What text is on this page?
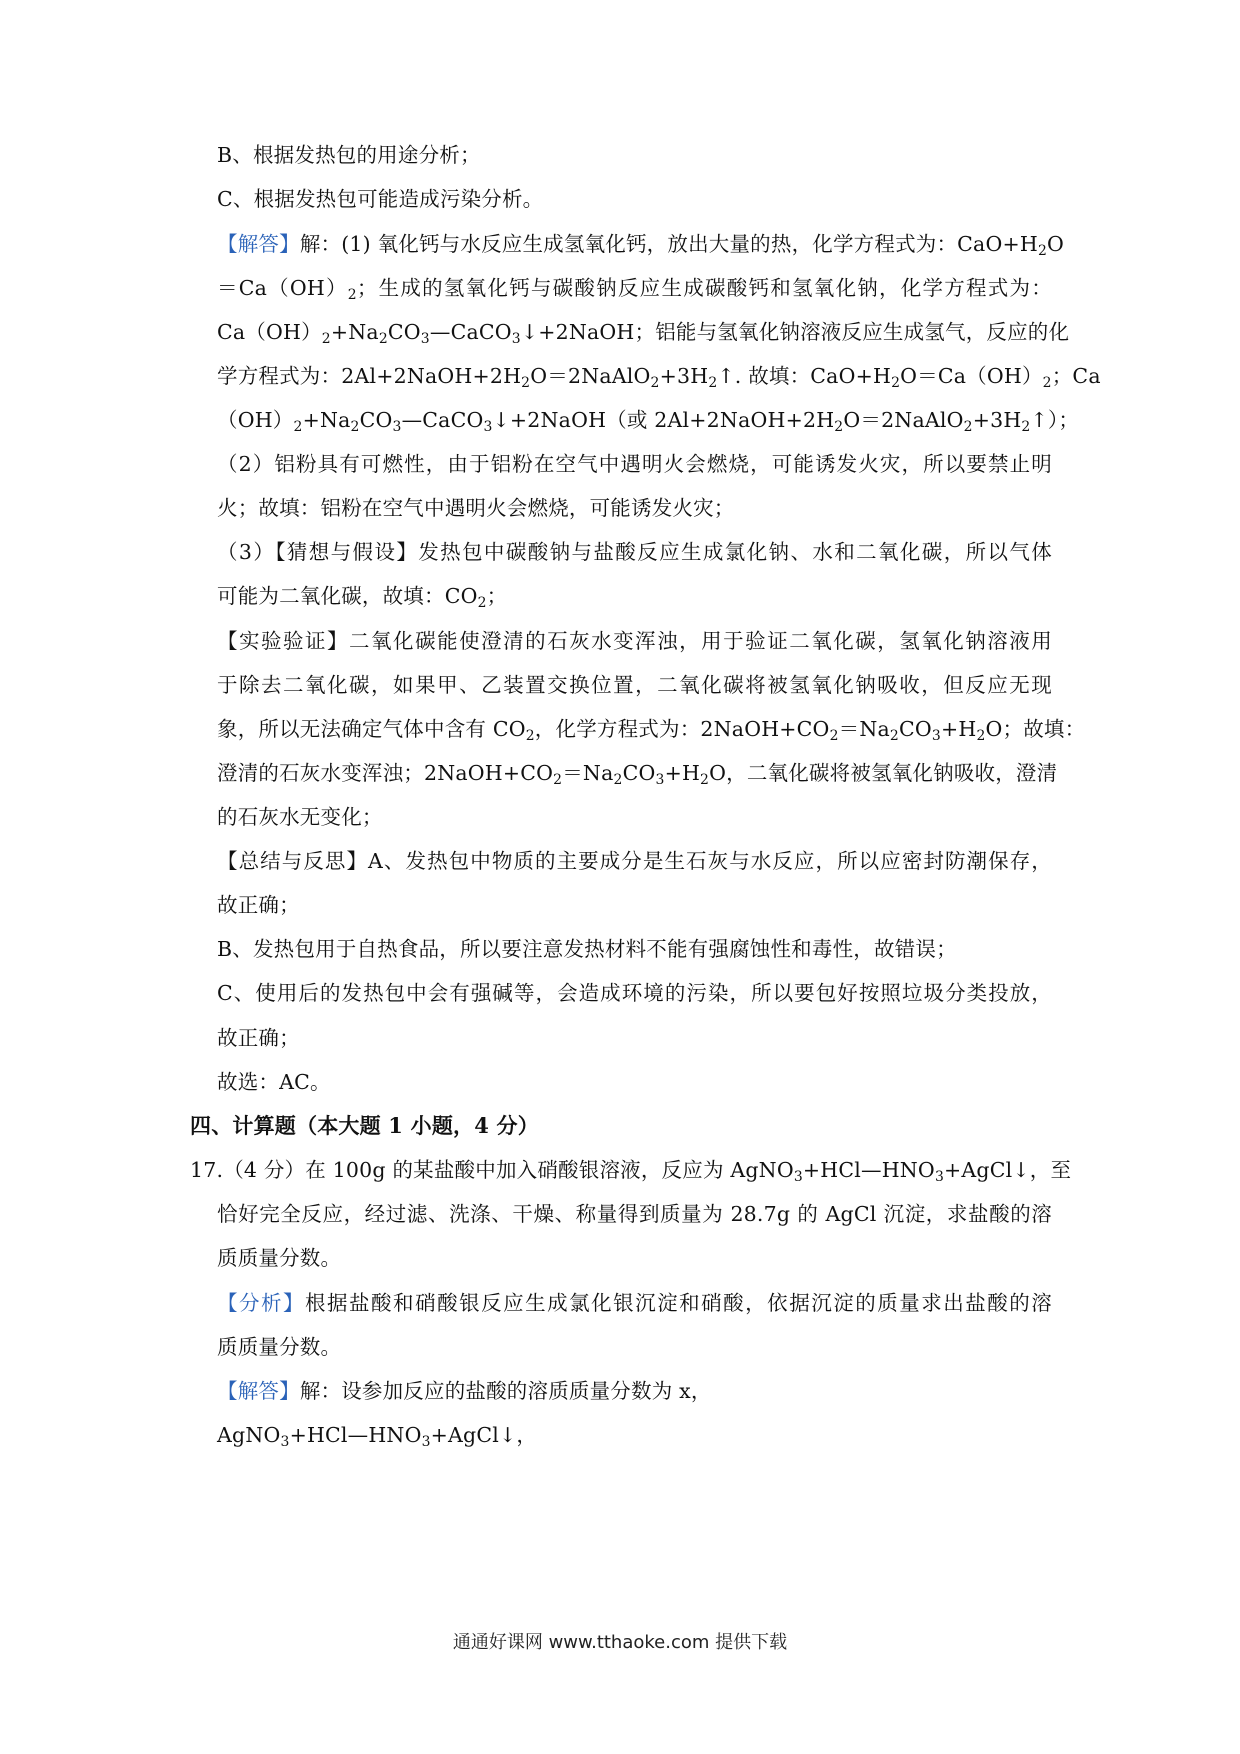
B、根据发热包的用途分析；
C、根据发热包可能造成污染分析。
【解答】解：(1) 氧化钙与水反应生成氢氧化钙，放出大量的热，化学方程式为：$CaO+H_2O$
$=Ca(OH)_2$；生成的氢氧化钙与碳酸钠反应生成碳酸钙和氢氧化钠，化学方程式为：
$Ca(OH)_2+Na_2CO_3—CaCO_3↓+2NaOH$；铝能与氢氧化钠溶液反应生成氢气，反应的化
学方程式为：$2Al+2NaOH+2H_2O=2NaAlO_2+3H_2↑$. 故填：$CaO+H_2O=Ca(OH)_2$；Ca
$(OH)_2+Na_2CO_3—CaCO_3↓+2NaOH$（或 $2Al+2NaOH+2H_2O=2NaAlO_2+3H_2↑$）；
（2）铝粉具有可燃性，由于铝粉在空气中遇明火会燃烧，可能诱发火灾，所以要禁止明
火；故填：铝粉在空气中遇明火会燃烧，可能诱发火灾；
（3）【猜想与假设】发热包中碳酸钠与盐酸反应生成氯化钠、水和二氧化碳，所以气体
可能为二氧化碳，故填：$CO_2$；
【实验验证】二氧化碳能使澄清的石灰水变浑浊，用于验证二氧化碳，氢氧化钠溶液用
于除去二氧化碳，如果甲、乙装置交换位置，二氧化碳将被氢氧化钠吸收，但反应无现
象，所以无法确定气体中含有 $CO_2$，化学方程式为：$2NaOH+CO_2=Na_2CO_3+H_2O$；故填：
澄清的石灰水变浑浊；$2NaOH+CO_2=Na_2CO_3+H_2O$，二氧化碳将被氢氧化钠吸收，澄清
的石灰水无变化；
【总结与反思】A、发热包中物质的主要成分是生石灰与水反应，所以应密封防潮保存，
故正确；
B、发热包用于自热食品，所以要注意发热材料不能有强腐蚀性和毒性，故错误；
C、使用后的发热包中会有强碱等，会造成环境的污染，所以要包好按照垃圾分类投放，
故正确；
故选：AC。
四、计算题（本大题 1 小题，4 分）
17.（4 分）在 100g 的某盐酸中加入硝酸银溶液，反应为 $AgNO_3+HCl—HNO_3+AgCl↓$，至
恰好完全反应，经过滤、洗涤、干燥、称量得到质量为 28.7g 的 AgCl 沉淀，求盐酸的溶
质质量分数。
【分析】根据盐酸和硝酸银反应生成氯化银沉淀和硝酸，依据沉淀的质量求出盐酸的溶
质质量分数。
【解答】解：设参加反应的盐酸的溶质质量分数为 x，
$AgNO_3+HCl—HNO_3+AgCl↓$，
通通好课网 www.tthaoke.com 提供下载
